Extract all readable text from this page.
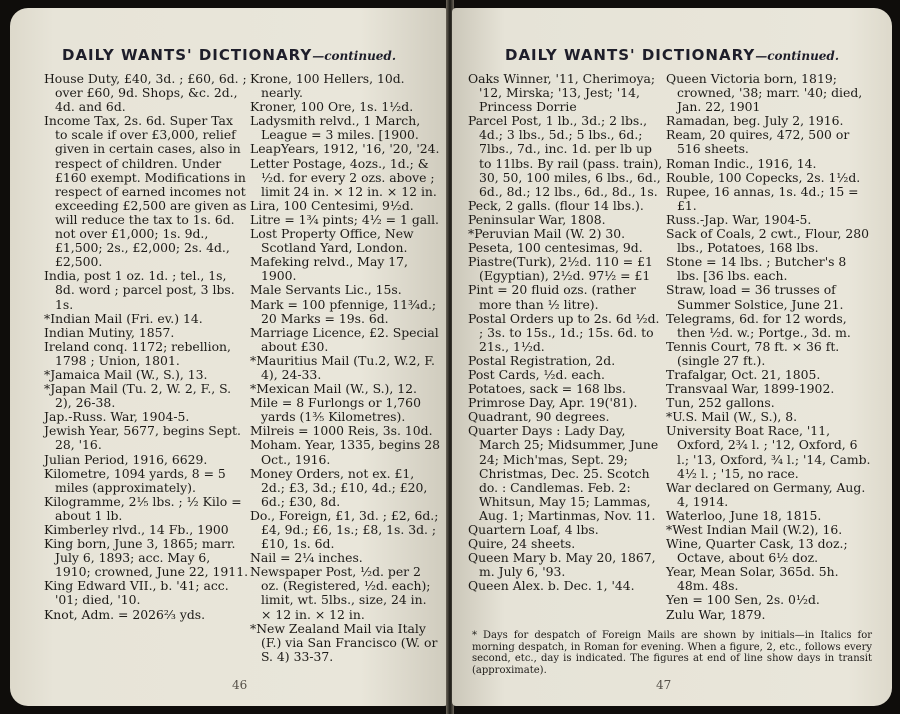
DAILY WANTS' DICTIONARY—continued.
House Duty, £40, 3d. ; £60, 6d. ; over £60, 9d. Shops, &c. 2d., 4d. and 6d.
Income Tax, 2s. 6d. Super Tax to scale if over £3,000, relief given in certain cases, also in respect of children. Under £160 exempt. Modifications in respect of earned incomes not exceeding £2,500 are given as will reduce the tax to 1s. 6d. not over £1,000; 1s. 9d., £1,500; 2s., £2,000; 2s. 4d., £2,500.
India, post 1 oz. 1d. ; tel., 1s, 8d. word ; parcel post, 3 lbs. 1s.
*Indian Mail (Fri. ev.) 14.
Indian Mutiny, 1857.
Ireland conq. 1172; rebellion, 1798 ; Union, 1801.
*Jamaica Mail (W., S.), 13.
*Japan Mail (Tu. 2, W. 2, F., S. 2), 26-38.
Jap.-Russ. War, 1904-5.
Jewish Year, 5677, begins Sept. 28, '16.
Julian Period, 1916, 6629.
Kilometre, 1094 yards, 8 = 5 miles (approximately).
Kilogramme, 2⅕ lbs. ; ½ Kilo = about 1 lb.
Kimberley rlvd., 14 Fb., 1900
King born, June 3, 1865; marr. July 6, 1893; acc. May 6, 1910; crowned, June 22, 1911.
King Edward VII., b. '41; acc. '01; died, '10.
Knot, Adm. = 2026⅔ yds.
Krone, 100 Hellers, 10d. nearly.
Kroner, 100 Ore, 1s. 1½d.
Ladysmith relvd., 1 March, League = 3 miles. [1900.
LeapYears, 1912, '16, '20, '24.
Letter Postage, 4ozs., 1d.; & ½d. for every 2 ozs. above ; limit 24 in. × 12 in. × 12 in.
Lira, 100 Centesimi, 9½d.
Litre = 1¾ pints; 4½ = 1 gall.
Lost Property Office, New Scotland Yard, London.
Mafeking relvd., May 17, 1900.
Male Servants Lic., 15s.
Mark = 100 pfennige, 11¾d.; 20 Marks = 19s. 6d.
Marriage Licence, £2. Special about £30.
*Mauritius Mail (Tu.2, W.2, F. 4), 24-33.
*Mexican Mail (W., S.), 12.
Mile = 8 Furlongs or 1,760 yards (1⅗ Kilometres).
Milreis = 1000 Reis, 3s. 10d.
Moham. Year, 1335, begins 28 Oct., 1916.
Money Orders, not ex. £1, 2d.; £3, 3d.; £10, 4d.; £20, 6d.; £30, 8d.
Do., Foreign, £1, 3d. ; £2, 6d.; £4, 9d.; £6, 1s.; £8, 1s. 3d. ; £10, 1s. 6d.
Nail = 2¼ inches.
Newspaper Post, ½d. per 2 oz. (Registered, ½d. each); limit, wt. 5lbs., size, 24 in. × 12 in. × 12 in.
*New Zealand Mail via Italy (F.) via San Francisco (W. or S. 4) 33-37.
46
DAILY WANTS' DICTIONARY—continued.
Oaks Winner, '11, Cherimoya; '12, Mirska; '13, Jest; '14, Princess Dorrie
Parcel Post, 1 lb., 3d.; 2 lbs., 4d.; 3 lbs., 5d.; 5 lbs., 6d.; 7lbs., 7d., inc. 1d. per lb up to 11lbs. By rail (pass. train), 30, 50, 100 miles, 6 lbs., 6d., 6d., 8d.; 12 lbs., 6d., 8d., 1s.
Peck, 2 galls. (flour 14 lbs.).
Peninsular War, 1808.
*Peruvian Mail (W. 2) 30.
Peseta, 100 centesimas, 9d.
Piastre(Turk), 2½d. 110 = £1 (Egyptian), 2½d. 97½ = £1
Pint = 20 fluid ozs. (rather more than ½ litre).
Postal Orders up to 2s. 6d ½d. ; 3s. to 15s., 1d.; 15s. 6d. to 21s., 1½d.
Postal Registration, 2d.
Post Cards, ½d. each.
Potatoes, sack = 168 lbs.
Primrose Day, Apr. 19('81).
Quadrant, 90 degrees.
Quarter Days : Lady Day, March 25; Midsummer, June 24; Mich'mas, Sept. 29; Christmas, Dec. 25. Scotch do. : Candlemas. Feb. 2: Whitsun, May 15; Lammas, Aug. 1; Martinmas, Nov. 11.
Quartern Loaf, 4 lbs.
Quire, 24 sheets.
Queen Mary b. May 20, 1867, m. July 6, '93.
Queen Alex. b. Dec. 1, '44.
Queen Victoria born, 1819; crowned, '38; marr. '40; died, Jan. 22, 1901
Ramadan, beg. July 2, 1916.
Ream, 20 quires, 472, 500 or 516 sheets.
Roman Indic., 1916, 14.
Rouble, 100 Copecks, 2s. 1½d.
Rupee, 16 annas, 1s. 4d.; 15 = £1.
Russ.-Jap. War, 1904-5.
Sack of Coals, 2 cwt., Flour, 280 lbs., Potatoes, 168 lbs.
Stone = 14 lbs. ; Butcher's 8 lbs. [36 lbs. each.
Straw, load = 36 trusses of Summer Solstice, June 21.
Telegrams, 6d. for 12 words, then ½d. w.; Portge., 3d. m.
Tennis Court, 78 ft. × 36 ft. (single 27 ft.).
Trafalgar, Oct. 21, 1805.
Transvaal War, 1899-1902.
Tun, 252 gallons.
*U.S. Mail (W., S.), 8.
University Boat Race, '11, Oxford, 2¾ l. ; '12, Oxford, 6 l.; '13, Oxford, ¾ l.; '14, Camb. 4½ l. ; '15, no race.
War declared on Germany, Aug. 4, 1914.
Waterloo, June 18, 1815.
*West Indian Mail (W.2), 16.
Wine, Quarter Cask, 13 doz.; Octave, about 6½ doz.
Year, Mean Solar, 365d. 5h. 48m. 48s.
Yen = 100 Sen, 2s. 0½d.
Zulu War, 1879.
* Days for despatch of Foreign Mails are shown by initials—in Italics for morning despatch, in Roman for evening. When a figure, 2, etc., follows every second, etc., day is indicated. The figures at end of line show days in transit (approximate).
47
